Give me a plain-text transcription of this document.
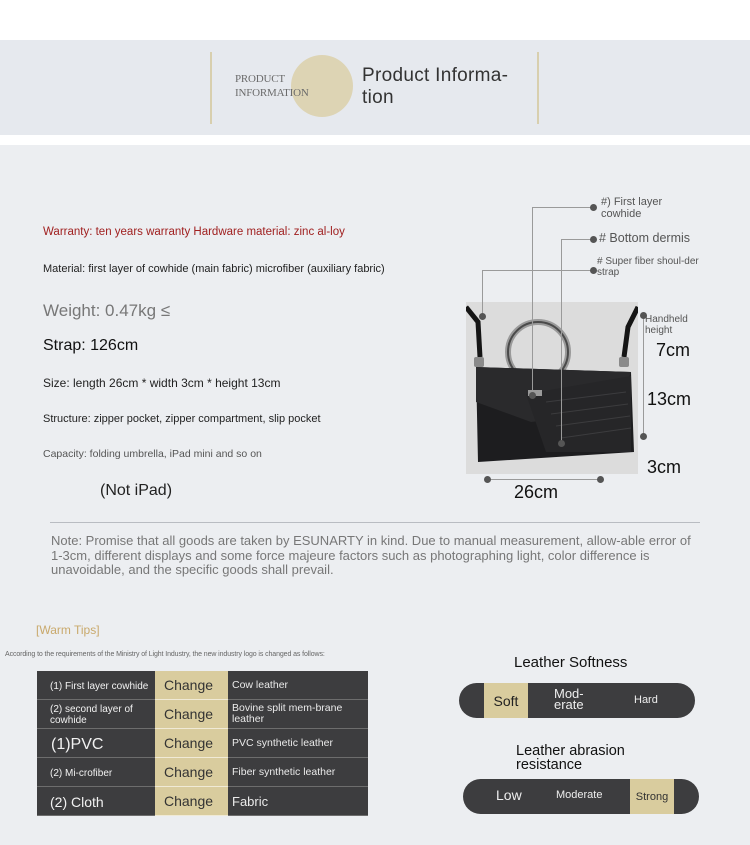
PRODUCT
INFORMATION
Product Informa-tion
Warranty: ten years warranty Hardware material: zinc al-loy
Material: first layer of cowhide (main fabric) microfiber (auxiliary fabric)
Weight: 0.47kg ≤
Strap: 126cm
Size: length 26cm * width 3cm * height 13cm
Structure: zipper pocket, zipper compartment, slip pocket
Capacity: folding umbrella, iPad mini and so on
(Not iPad)
#) First layer cowhide
# Bottom dermis
# Super fiber shoul-der strap
Handheld height
7cm
13cm
3cm
26cm
Note: Promise that all goods are taken by ESUNARTY in kind. Due to manual measurement, allow-able error of 1-3cm, different displays and some force majeure factors such as photographing light, color difference is unavoidable, and the specific goods shall prevail.
[Warm Tips]
According to the requirements of the Ministry of Light Industry, the new industry logo is changed as follows:
(1) First layer cowhide	Change	Cow leather
(2) second layer of cowhide	Change	Bovine split mem-brane leather
(1)PVC	Change	PVC synthetic leather
(2) Mi-crofiber	Change	Fiber synthetic leather
(2) Cloth	Change	Fabric
Leather Softness
Soft	Mod-erate	Hard
Leather abrasion resistance
Low	Moderate	Strong
